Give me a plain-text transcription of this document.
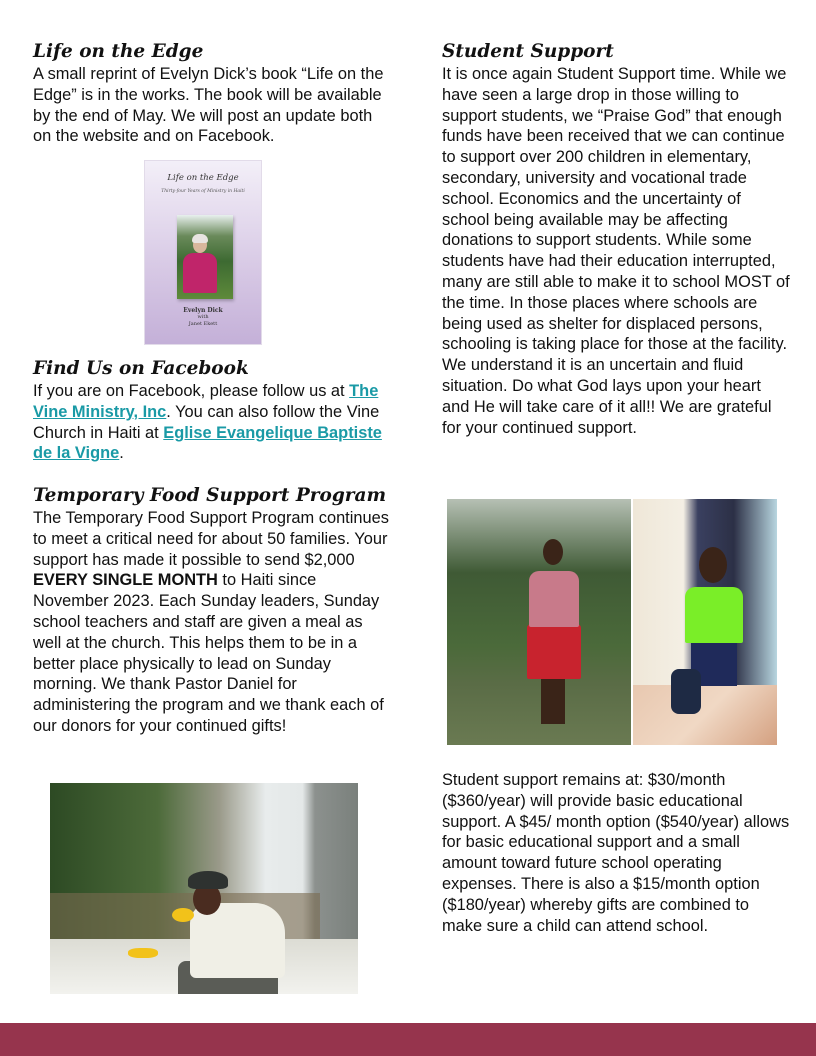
Life on the Edge

A small reprint of Evelyn Dick’s book “Life on the Edge” is in the works. The book will be available by the end of May. We will post an update both on the website and on Facebook.

Life on the Edge
Thirty-four Years of Ministry in Haiti
Evelyn Dick
with
Janet Ekett
Find Us on Facebook

If you are on Facebook, please follow us at The Vine Ministry, Inc. You can also follow the Vine Church in Haiti at Eglise Evangelique Baptiste de la Vigne.

Temporary Food Support Program

The Temporary Food Support Program continues to meet a critical need for about 50 families. Your support has made it possible to send $2,000 EVERY SINGLE MONTH to Haiti since November 2023. Each Sunday leaders, Sunday school teachers and staff are given a meal as well at the church. This helps them to be in a better place physically to lead on Sunday morning. We thank Pastor Daniel for administering the program and we thank each of our donors for your continued gifts!

Student Support

It is once again Student Support time. While we have seen a large drop in those willing to support students, we “Praise God” that enough funds have been received that we can continue to support over 200 children in elementary, secondary, university and vocational trade school. Economics and the uncertainty of school being available may be affecting donations to support students. While some students have had their education interrupted, many are still able to make it to school MOST of the time. In those places where schools are being used as shelter for displaced persons, schooling is taking place for those at the facility. We understand it is an uncertain and fluid situation. Do what God lays upon your heart and He will take care of it all!! We are grateful for your continued support.

Student support remains at: $30/month ($360/year) will provide basic educational support. A $45/ month option ($540/year) allows for basic educational support and a small amount toward future school operating expenses. There is also a $15/month option ($180/year) whereby gifts are combined to make sure a child can attend school.
